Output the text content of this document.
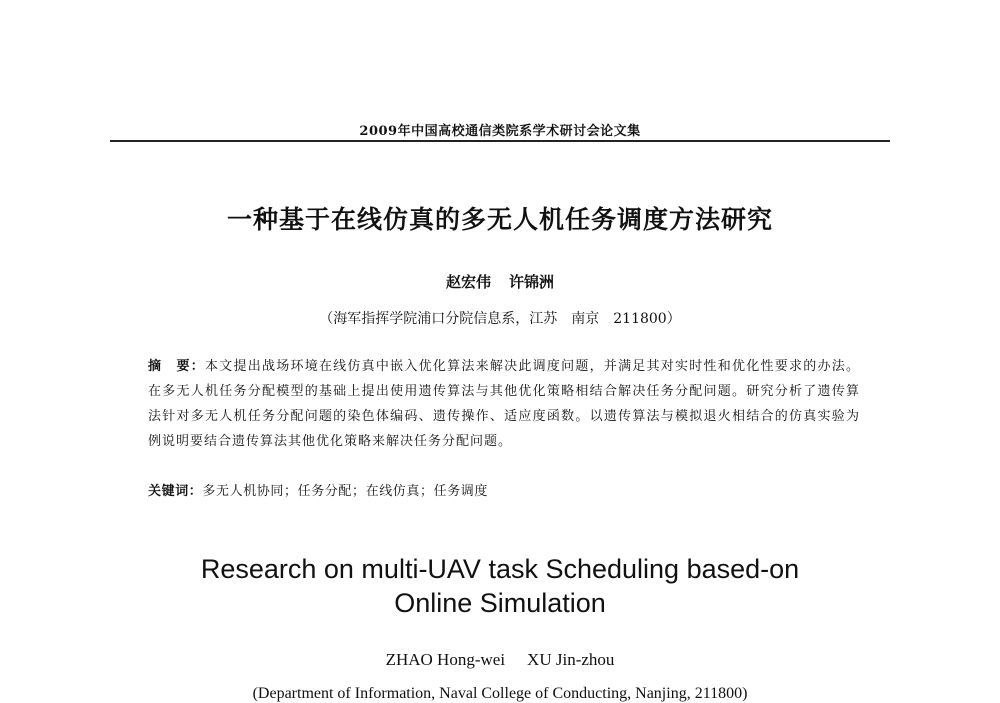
2009年中国高校通信类院系学术研讨会论文集
一种基于在线仿真的多无人机任务调度方法研究
赵宏伟 许锦洲
（海军指挥学院浦口分院信息系，江苏　南京　211800）
摘　要：本文提出战场环境在线仿真中嵌入优化算法来解决此调度问题，并满足其对实时性和优化性要求的办法。在多无人机任务分配模型的基础上提出使用遗传算法与其他优化策略相结合解决任务分配问题。研究分析了遗传算法针对多无人机任务分配问题的染色体编码、遗传操作、适应度函数。以遗传算法与模拟退火相结合的仿真实验为例说明要结合遗传算法其他优化策略来解决任务分配问题。
关键词：多无人机协同；任务分配；在线仿真；任务调度
Research on multi-UAV task Scheduling based-on
Online Simulation
ZHAO Hong-wei XU Jin-zhou
(Department of Information, Naval College of Conducting, Nanjing, 211800)
